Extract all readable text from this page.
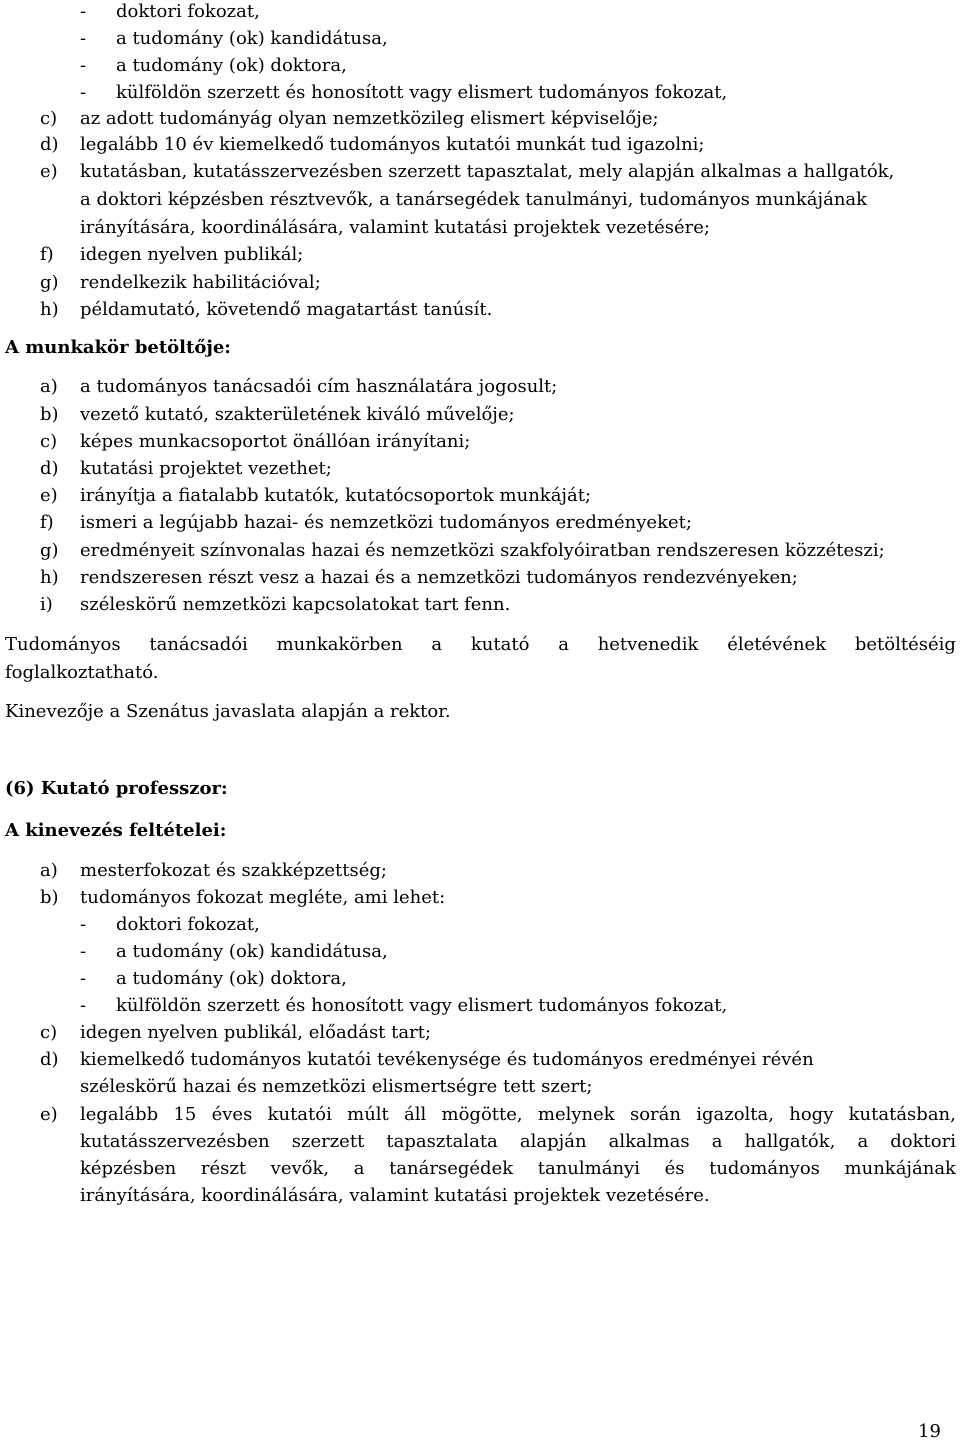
- doktori fokozat,
- a tudomány (ok) kandidátusa,
- a tudomány (ok) doktora,
- külföldön szerzett és honosított vagy elismert tudományos fokozat,
c) az adott tudományág olyan nemzetközileg elismert képviselője;
d) legalább 10 év kiemelkedő tudományos kutatói munkát tud igazolni;
e) kutatásban, kutatásszervezésben szerzett tapasztalat, mely alapján alkalmas a hallgatók,
a doktori képzésben résztvevők, a tanársegédek tanulmányi, tudományos munkájának
irányítására, koordinálására, valamint kutatási projektek vezetésére;
f) idegen nyelven publikál;
g) rendelkezik habilitációval;
h) példamutató, követendő magatartást tanúsít.
A munkakör betöltője:
a) a tudományos tanácsadói cím használatára jogosult;
b) vezető kutató, szakterületének kiváló művelője;
c) képes munkacsoportot önállóan irányítani;
d) kutatási projektet vezethet;
e) irányítja a fiatalabb kutatók, kutatócsoportok munkáját;
f) ismeri a legújabb hazai- és nemzetközi tudományos eredményeket;
g) eredményeit színvonalas hazai és nemzetközi szakfolyóiratban rendszeresen közzéteszi;
h) rendszeresen részt vesz a hazai és a nemzetközi tudományos rendezvényeken;
i) széleskörű nemzetközi kapcsolatokat tart fenn.
Tudományos tanácsadói munkakörben a kutató a hetvenedik életévének betöltéséig
foglalkoztatható.
Kinevezője a Szenátus javaslata alapján a rektor.
(6) Kutató professzor:
A kinevezés feltételei:
a) mesterfokozat és szakképzettség;
b) tudományos fokozat megléte, ami lehet:
- doktori fokozat,
- a tudomány (ok) kandidátusa,
- a tudomány (ok) doktora,
- külföldön szerzett és honosított vagy elismert tudományos fokozat,
c) idegen nyelven publikál, előadást tart;
d) kiemelkedő tudományos kutatói tevékenysége és tudományos eredményei révén
széleskörű hazai és nemzetközi elismertségre tett szert;
e) legalább 15 éves kutatói múlt áll mögötte, melynek során igazolta, hogy kutatásban,
kutatásszervezésben szerzett tapasztalata alapján alkalmas a hallgatók, a doktori
képzésben részt vevők, a tanársegédek tanulmányi és tudományos munkájának
irányítására, koordinálására, valamint kutatási projektek vezetésére.
19
